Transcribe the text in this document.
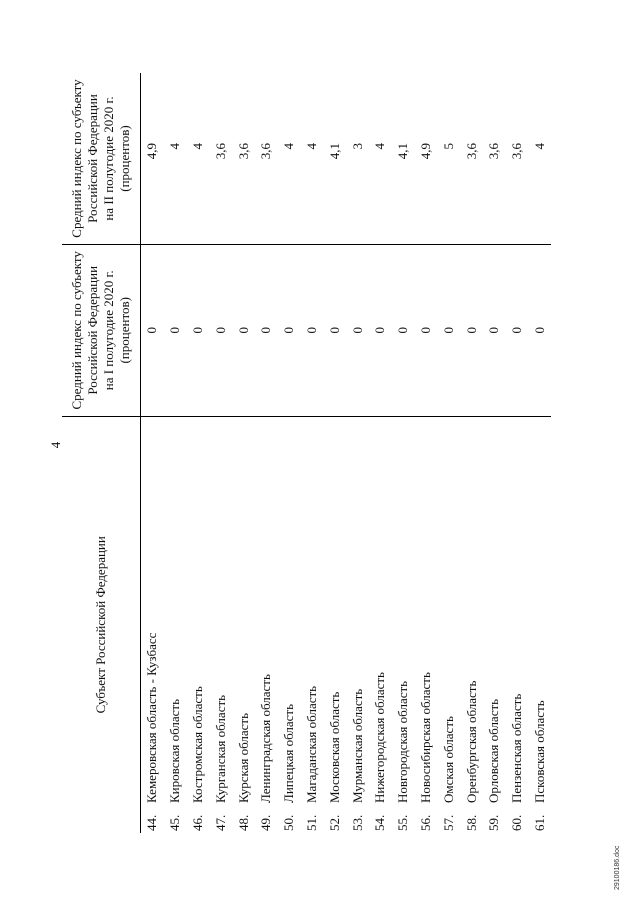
4
Субъект Российской Федерации	Средний индекс по субъекту
Российской Федерации
на I полугодие 2020 г.
(процентов)	Средний индекс по субъекту
Российской Федерации
на II полугодие 2020 г.
(процентов)
44.Кемеровская область - Кузбасс	0	4,9
45.Кировская область	0	4
46.Костромская область	0	4
47.Курганская область	0	3,6
48.Курская область	0	3,6
49.Ленинградская область	0	3,6
50.Липецкая область	0	4
51.Магаданская область	0	4
52.Московская область	0	4,1
53.Мурманская область	0	3
54.Нижегородская область	0	4
55.Новгородская область	0	4,1
56.Новосибирская область	0	4,9
57.Омская область	0	5
58.Оренбургская область	0	3,6
59.Орловская область	0	3,6
60.Пензенская область	0	3,6
61.Псковская область	0	4
29100186.doc
